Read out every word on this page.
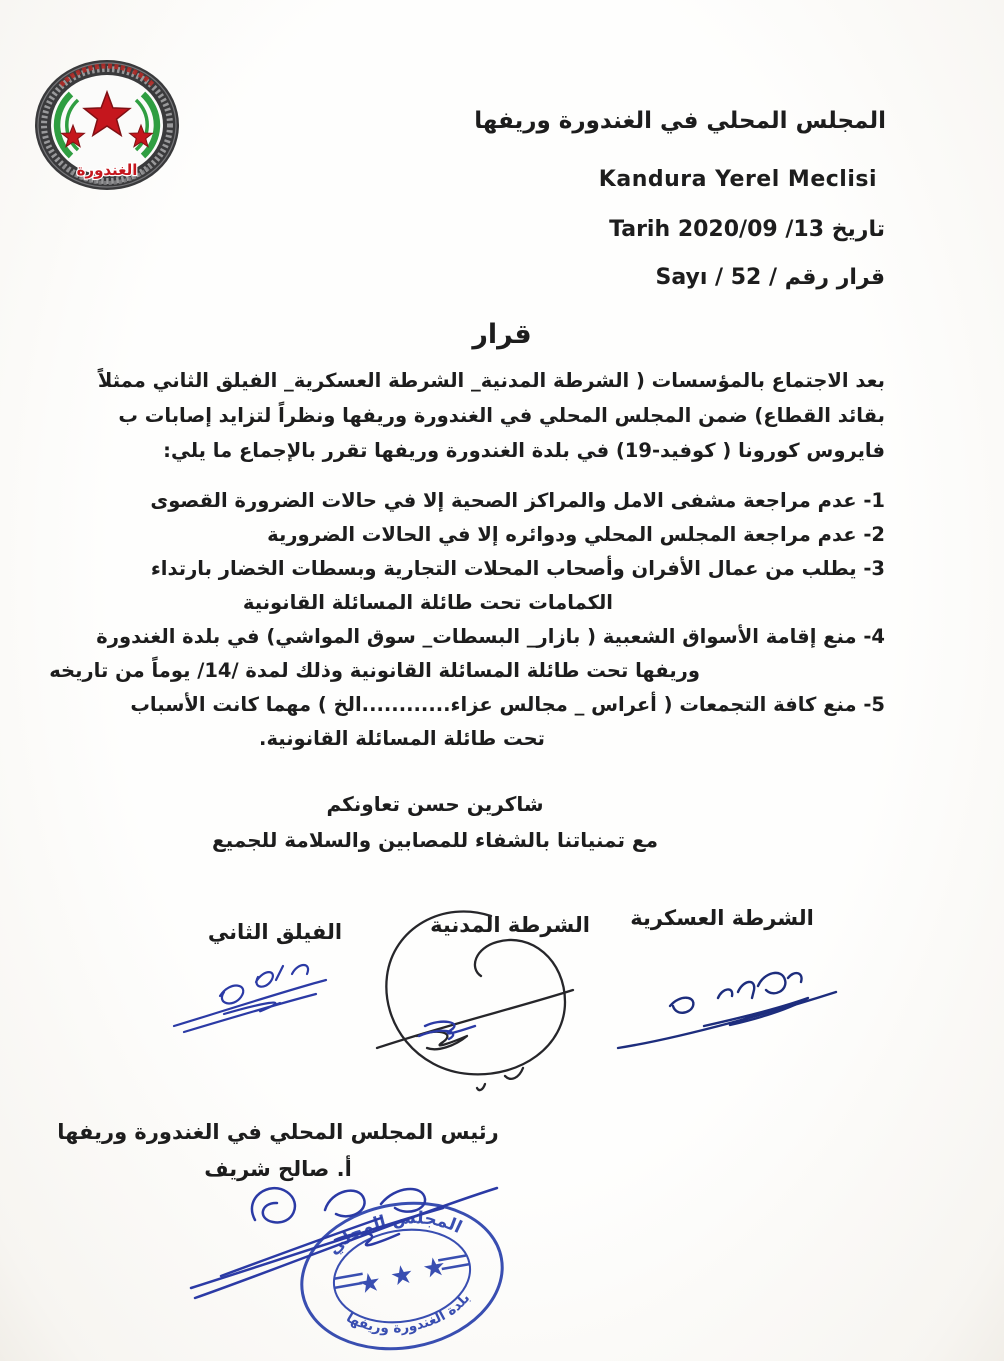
الغندورة
المجلس المحلي في الغندورة وريفها
Kandura Yerel Meclisi
تاريخ 13/ 2020/09 Tarih
قرار رقم / 52 / Sayı
قرار
بعد الاجتماع بالمؤسسات ( الشرطة المدنية_ الشرطة العسكرية_ الفيلق الثاني ممثلاً
بقائد القطاع) ضمن المجلس المحلي في الغندورة وريفها ونظراً لتزايد إصابات ب
فايروس كورونا ( كوفيد-19) في بلدة الغندورة وريفها تقرر بالإجماع ما يلي:
1- عدم مراجعة مشفى الامل والمراكز الصحية إلا في حالات الضرورة القصوى
2- عدم مراجعة المجلس المحلي ودوائره إلا في الحالات الضرورية
3- يطلب من عمال الأفران وأصحاب المحلات التجارية وبسطات الخضار بارتداء
الكمامات تحت طائلة المسائلة القانونية
4- منع إقامة الأسواق الشعبية ( بازار_ البسطات_ سوق المواشي) في بلدة الغندورة
وريفها تحت طائلة المسائلة القانونية وذلك لمدة /14/ يوماً من تاريخه
5- منع كافة التجمعات ( أعراس _ مجالس عزاء............الخ ) مهما كانت الأسباب
تحت طائلة المسائلة القانونية.
شاكرين حسن تعاونكم
مع تمنياتنا بالشفاء للمصابين والسلامة للجميع
الشرطة العسكرية
الشرطة المدنية
الفيلق الثاني
رئيس المجلس المحلي في الغندورة وريفها
أ. صالح شريف
المجلس المحلي
بلدة الغندورة وريفها
★ ★ ★
